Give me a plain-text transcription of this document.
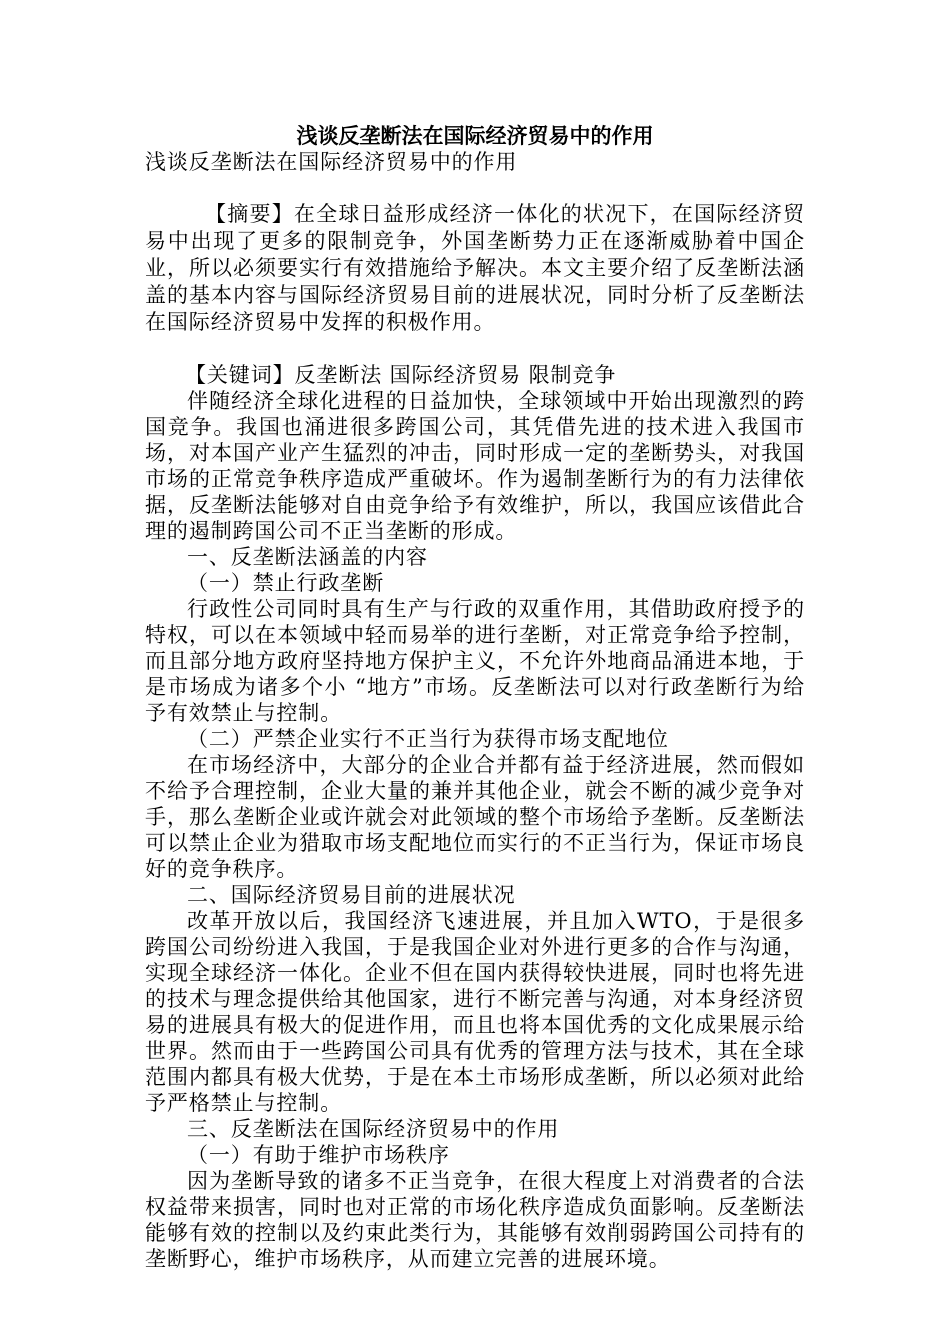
浅谈反垄断法在国际经济贸易中的作用

浅谈反垄断法在国际经济贸易中的作用

【摘要】在全球日益形成经济一体化的状况下，在国际经济贸易中出现了更多的限制竞争，外国垄断势力正在逐渐威胁着中国企业，所以必须要实行有效措施给予解决。本文主要介绍了反垄断法涵盖的基本内容与国际经济贸易目前的进展状况，同时分析了反垄断法在国际经济贸易中发挥的积极作用。

【关键词】反垄断法 国际经济贸易 限制竞争

伴随经济全球化进程的日益加快，全球领域中开始出现激烈的跨国竞争。我国也涌进很多跨国公司，其凭借先进的技术进入我国市场，对本国产业产生猛烈的冲击，同时形成一定的垄断势头，对我国市场的正常竞争秩序造成严重破坏。作为遏制垄断行为的有力法律依据，反垄断法能够对自由竞争给予有效维护，所以，我国应该借此合理的遏制跨国公司不正当垄断的形成。

一、反垄断法涵盖的内容

（一）禁止行政垄断

行政性公司同时具有生产与行政的双重作用，其借助政府授予的特权，可以在本领域中轻而易举的进行垄断，对正常竞争给予控制，而且部分地方政府坚持地方保护主义，不允许外地商品涌进本地，于是市场成为诸多个小 “地方”市场。反垄断法可以对行政垄断行为给予有效禁止与控制。

（二）严禁企业实行不正当行为获得市场支配地位

在市场经济中，大部分的企业合并都有益于经济进展，然而假如不给予合理控制，企业大量的兼并其他企业，就会不断的减少竞争对手，那么垄断企业或许就会对此领域的整个市场给予垄断。反垄断法可以禁止企业为猎取市场支配地位而实行的不正当行为，保证市场良好的竞争秩序。

二、国际经济贸易目前的进展状况

改革开放以后，我国经济飞速进展，并且加入WTO，于是很多跨国公司纷纷进入我国，于是我国企业对外进行更多的合作与沟通，实现全球经济一体化。企业不但在国内获得较快进展，同时也将先进的技术与理念提供给其他国家，进行不断完善与沟通，对本身经济贸易的进展具有极大的促进作用，而且也将本国优秀的文化成果展示给世界。然而由于一些跨国公司具有优秀的管理方法与技术，其在全球范围内都具有极大优势，于是在本土市场形成垄断，所以必须对此给予严格禁止与控制。

三、反垄断法在国际经济贸易中的作用

（一）有助于维护市场秩序

因为垄断导致的诸多不正当竞争，在很大程度上对消费者的合法权益带来损害，同时也对正常的市场化秩序造成负面影响。反垄断法能够有效的控制以及约束此类行为，其能够有效削弱跨国公司持有的垄断野心，维护市场秩序，从而建立完善的进展环境。
